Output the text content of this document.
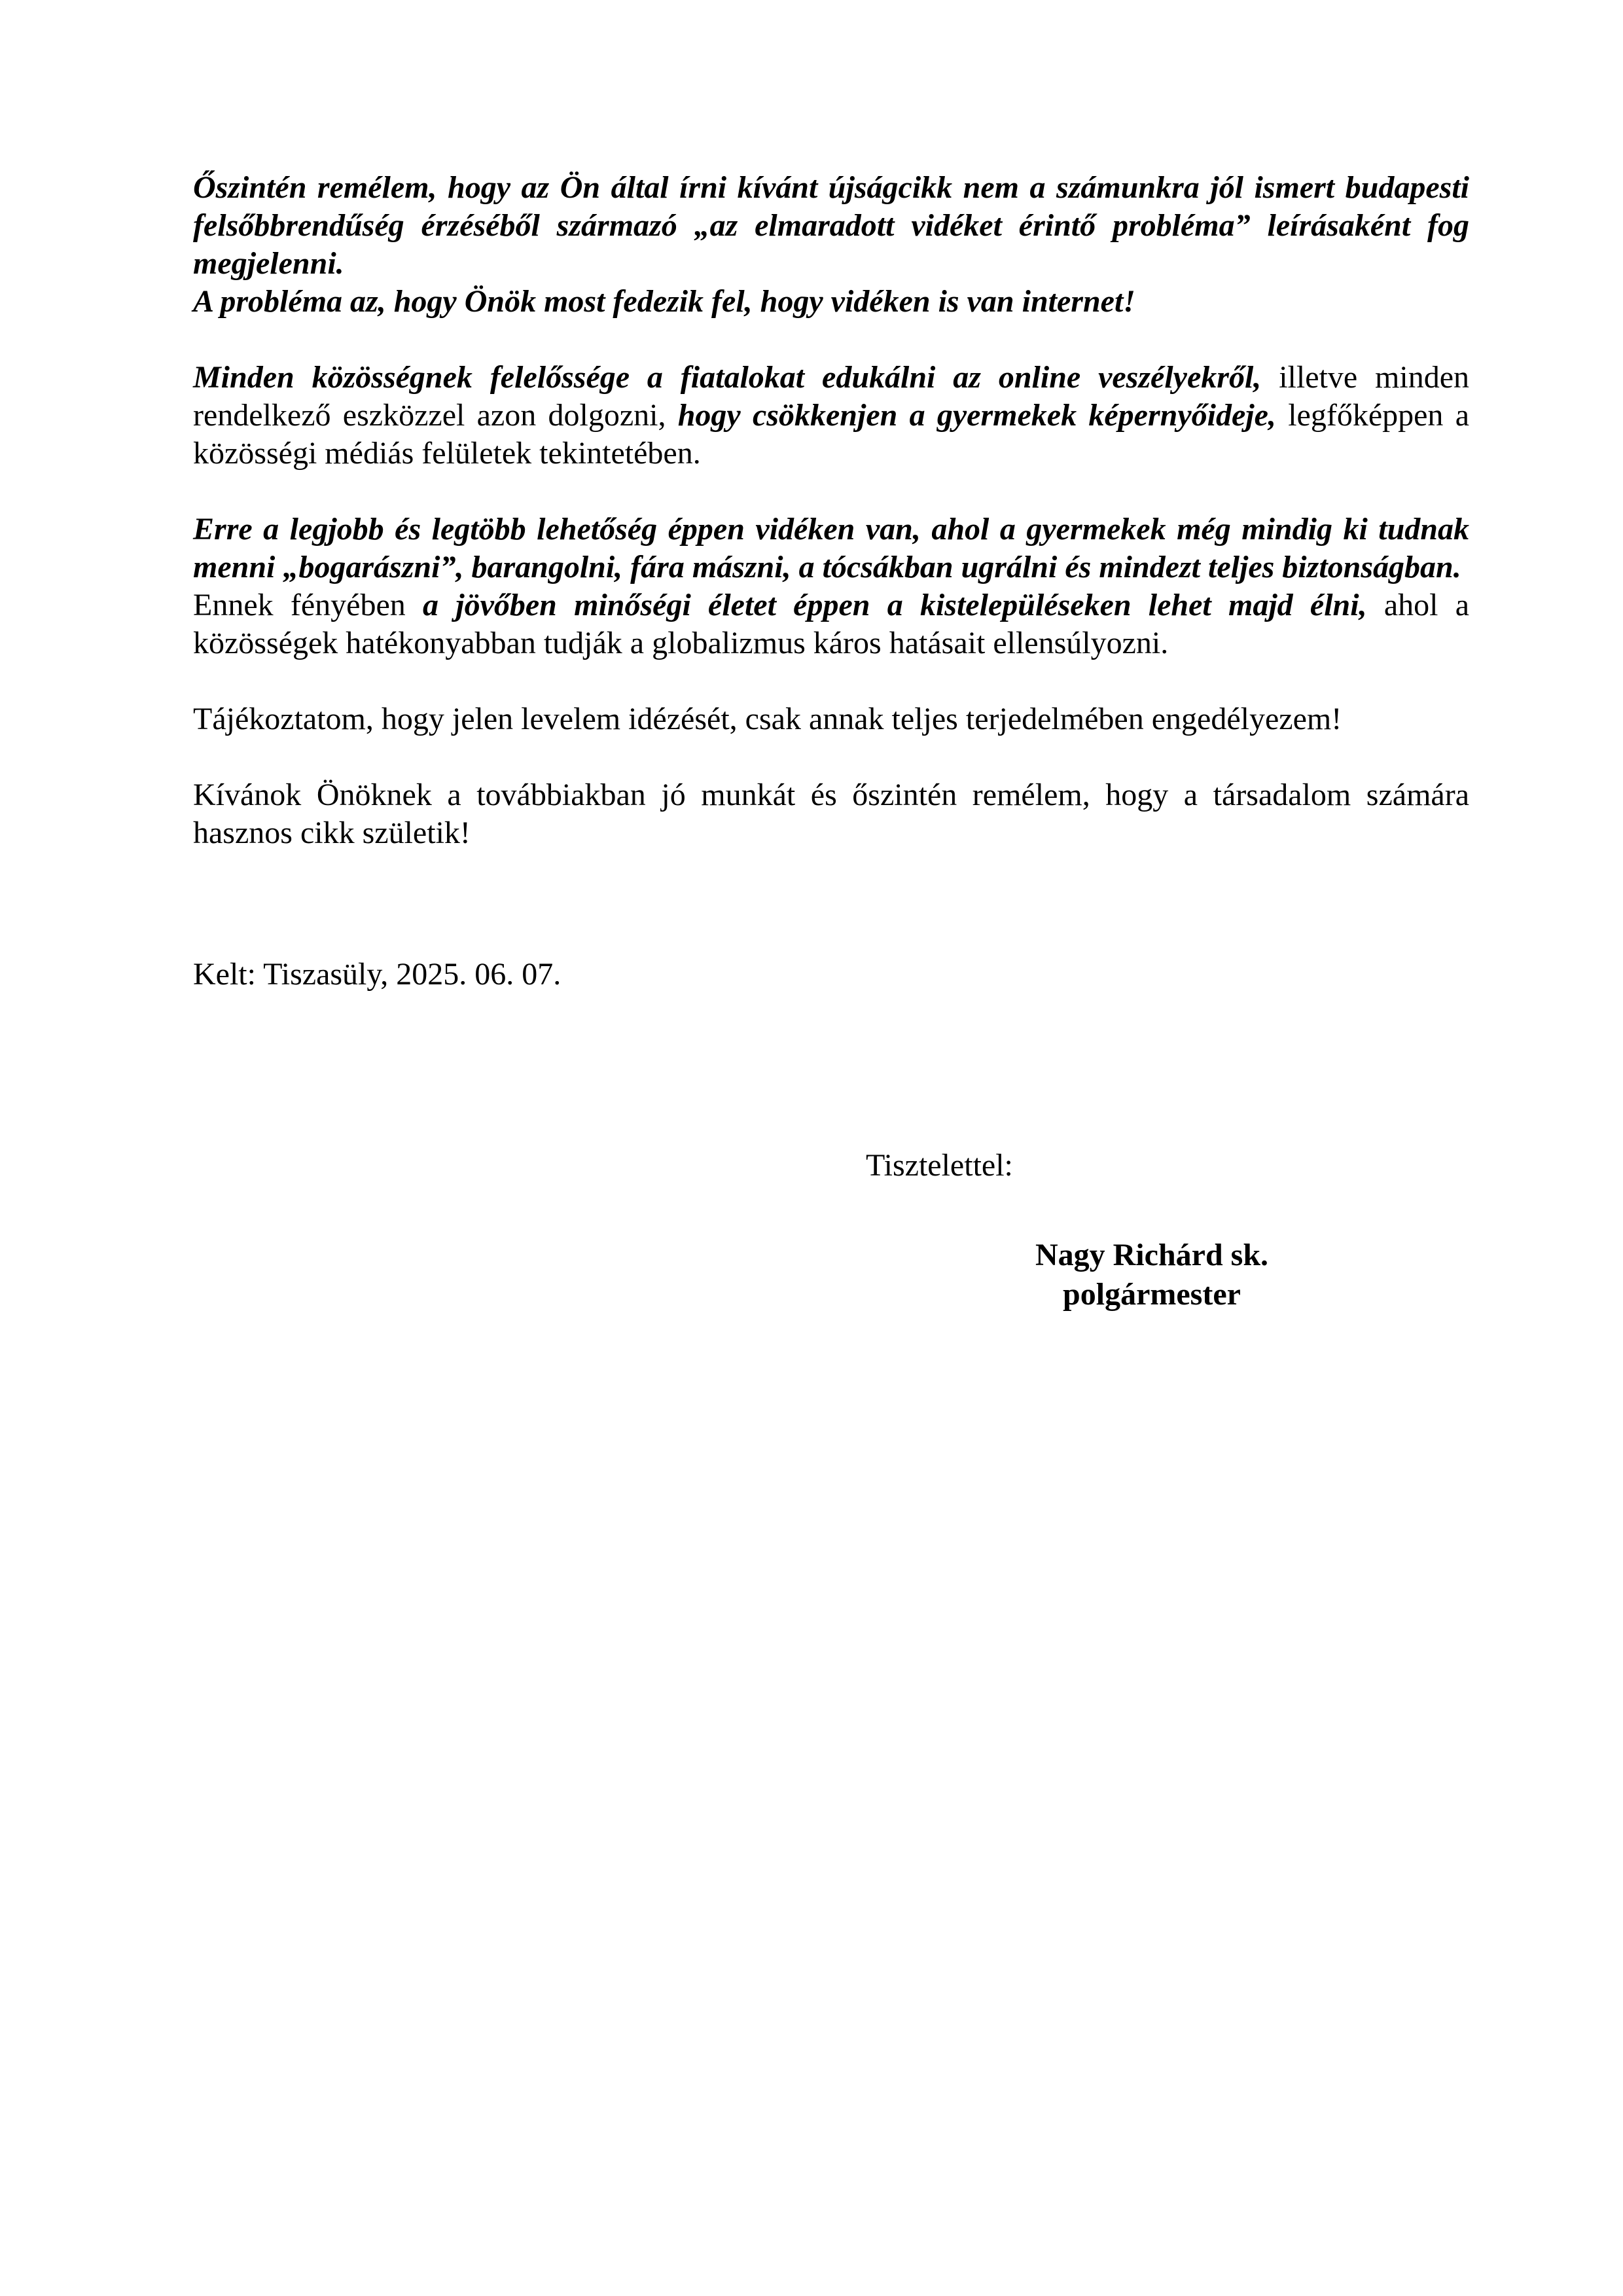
Őszintén remélem, hogy az Ön által írni kívánt újságcikk nem a számunkra jól ismert budapesti felsőbbrendűség érzéséből származó „az elmaradott vidéket érintő probléma” leírásaként fog megjelenni.
A probléma az, hogy Önök most fedezik fel, hogy vidéken is van internet!

Minden közösségnek felelőssége a fiatalokat edukálni az online veszélyekről, illetve minden rendelkező eszközzel azon dolgozni, hogy csökkenjen a gyermekek képernyőideje, legfőképpen a közösségi médiás felületek tekintetében.

Erre a legjobb és legtöbb lehetőség éppen vidéken van, ahol a gyermekek még mindig ki tudnak menni „bogarászni”, barangolni, fára mászni, a tócsákban ugrálni és mindezt teljes biztonságban.
Ennek fényében a jövőben minőségi életet éppen a kistelepüléseken lehet majd élni, ahol a közösségek hatékonyabban tudják a globalizmus káros hatásait ellensúlyozni.

Tájékoztatom, hogy jelen levelem idézését, csak annak teljes terjedelmében engedélyezem!

Kívánok Önöknek a továbbiakban jó munkát és őszintén remélem, hogy a társadalom számára hasznos cikk születik!

Kelt: Tiszasüly, 2025. 06. 07.
Tisztelettel:
Nagy Richárd sk.
polgármester
